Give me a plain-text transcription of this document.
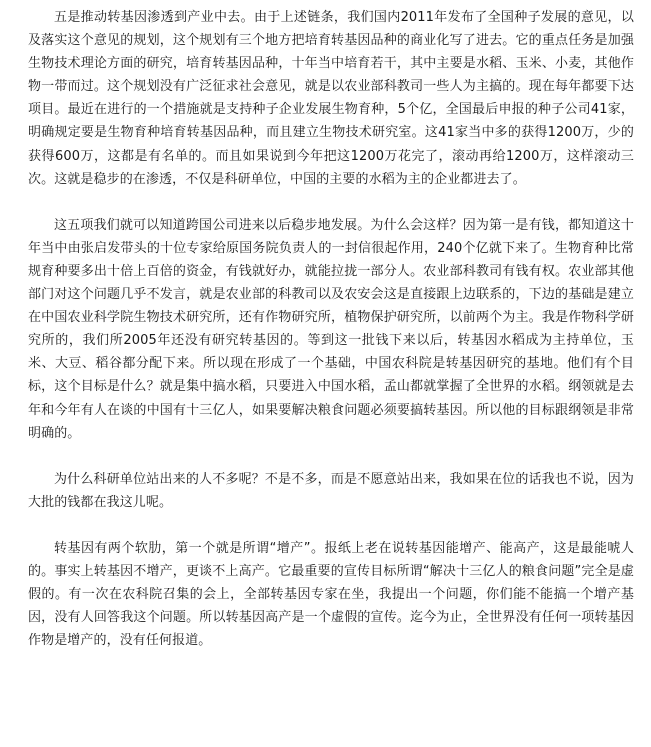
五是推动转基因渗透到产业中去。由于上述链条，我们国内2011年发布了全国种子发展的意见，以及落实这个意见的规划，这个规划有三个地方把培育转基因品种的商业化写了进去。它的重点任务是加强生物技术理论方面的研究，培育转基因品种，十年当中培育若干，其中主要是水稻、玉米、小麦，其他作物一带而过。这个规划没有广泛征求社会意见，就是以农业部科教司一些人为主搞的。现在每年都要下达项目。最近在进行的一个措施就是支持种子企业发展生物育种，5个亿，全国最后申报的种子公司41家，明确规定要是生物育种培育转基因品种，而且建立生物技术研究室。这41家当中多的获得1200万，少的获得600万，这都是有名单的。而且如果说到今年把这1200万花完了，滚动再给1200万，这样滚动三次。这就是稳步的在渗透，不仅是科研单位，中国的主要的水稻为主的企业都进去了。

这五项我们就可以知道跨国公司进来以后稳步地发展。为什么会这样？因为第一是有钱，都知道这十年当中由张启发带头的十位专家给原国务院负责人的一封信很起作用，240个亿就下来了。生物育种比常规育种要多出十倍上百倍的资金，有钱就好办，就能拉拢一部分人。农业部科教司有钱有权。农业部其他部门对这个问题几乎不发言，就是农业部的科教司以及农安会这是直接跟上边联系的，下边的基础是建立在中国农业科学院生物技术研究所，还有作物研究所，植物保护研究所，以前两个为主。我是作物科学研究所的，我们所2005年还没有研究转基因的。等到这一批钱下来以后，转基因水稻成为主持单位，玉米、大豆、稻谷都分配下来。所以现在形成了一个基础，中国农科院是转基因研究的基地。他们有个目标，这个目标是什么？就是集中搞水稻，只要进入中国水稻，孟山都就掌握了全世界的水稻。纲领就是去年和今年有人在谈的中国有十三亿人，如果要解决粮食问题必须要搞转基因。所以他的目标跟纲领是非常明确的。

为什么科研单位站出来的人不多呢？不是不多，而是不愿意站出来，我如果在位的话我也不说，因为大批的钱都在我这儿呢。

转基因有两个软肋，第一个就是所谓“增产”。报纸上老在说转基因能增产、能高产，这是最能唬人的。事实上转基因不增产，更谈不上高产。它最重要的宣传目标所谓“解决十三亿人的粮食问题”完全是虚假的。有一次在农科院召集的会上，全部转基因专家在坐，我提出一个问题，你们能不能搞一个增产基因，没有人回答我这个问题。所以转基因高产是一个虚假的宣传。迄今为止，全世界没有任何一项转基因作物是增产的，没有任何报道。
